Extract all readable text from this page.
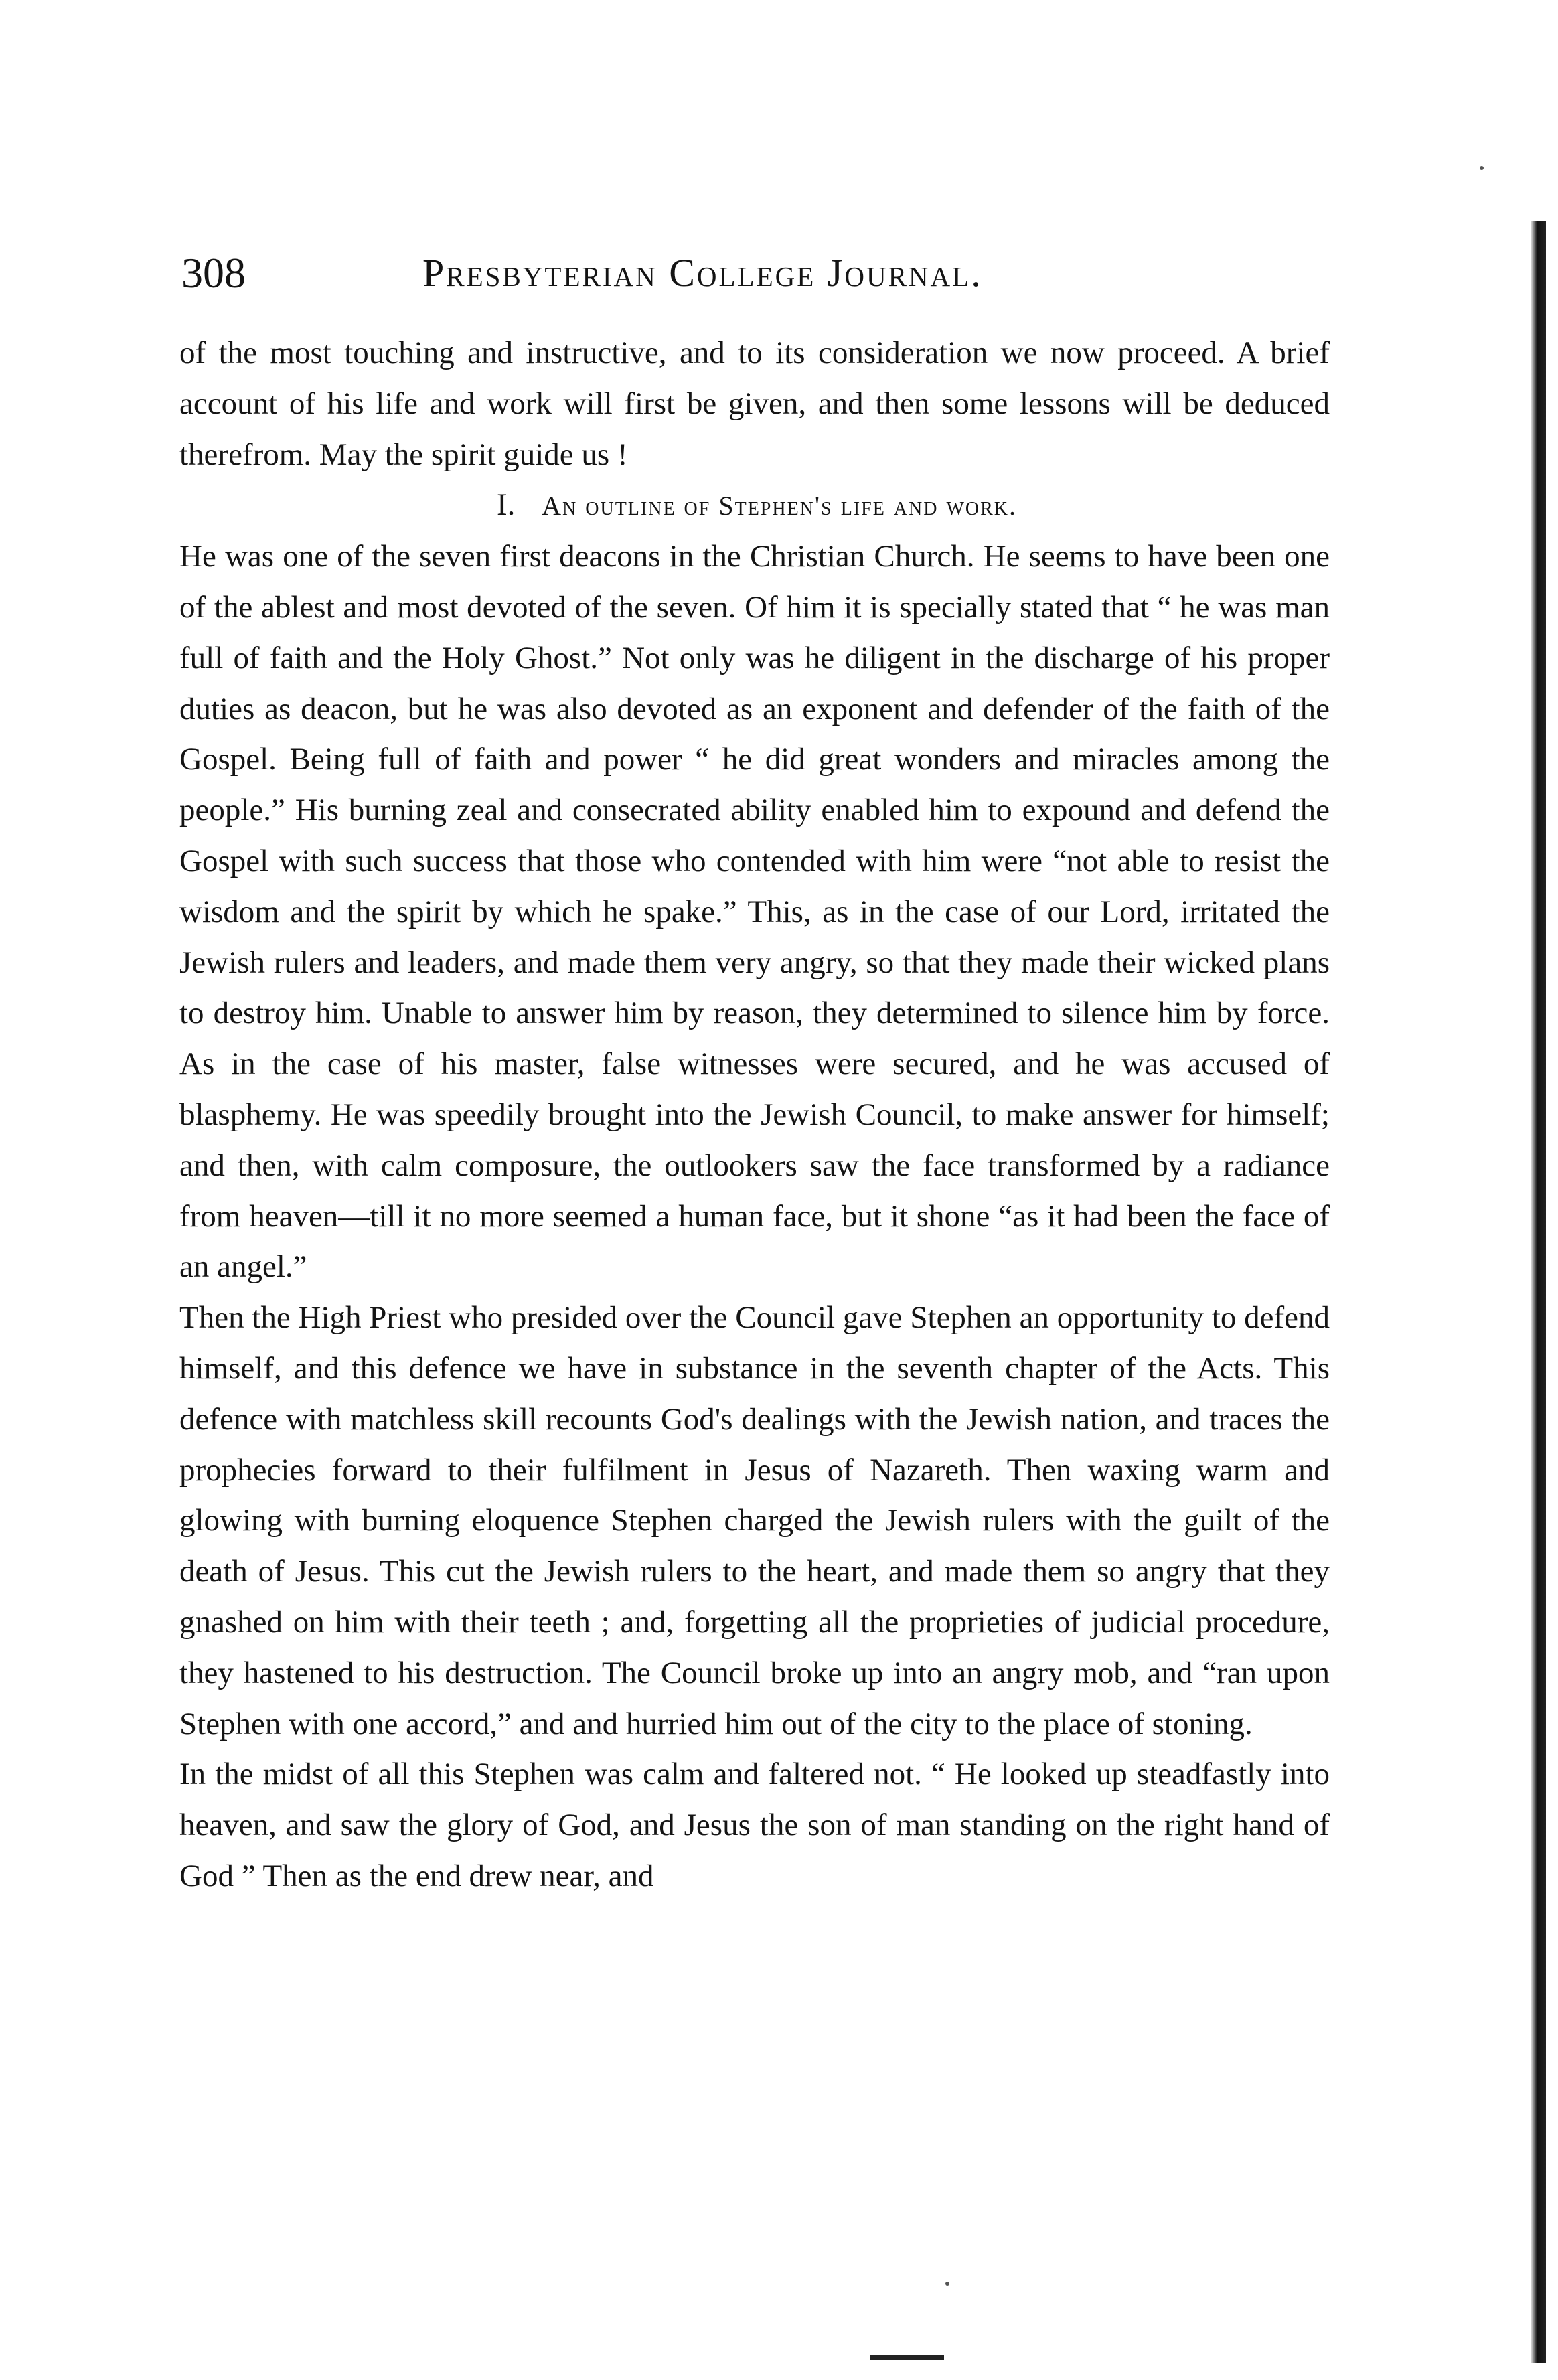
308	Presbyterian College Journal.

of the most touching and instructive, and to its consideration we now proceed. A brief account of his life and work will first be given, and then some lessons will be deduced therefrom. May the spirit guide us !

I. An outline of Stephen's life and work.

He was one of the seven first deacons in the Christian Church. He seems to have been one of the ablest and most devoted of the seven. Of him it is specially stated that “ he was man full of faith and the Holy Ghost.” Not only was he diligent in the discharge of his proper duties as deacon, but he was also devoted as an exponent and defender of the faith of the Gospel. Being full of faith and power “ he did great wonders and miracles among the people.” His burning zeal and consecrated ability enabled him to expound and defend the Gospel with such success that those who contended with him were “not able to resist the wisdom and the spirit by which he spake.” This, as in the case of our Lord, irritated the Jewish rulers and leaders, and made them very angry, so that they made their wicked plans to destroy him. Unable to answer him by reason, they determined to silence him by force. As in the case of his master, false witnesses were secured, and he was accused of blasphemy. He was speedily brought into the Jewish Council, to make answer for himself; and then, with calm composure, the outlookers saw the face transformed by a radiance from heaven—till it no more seemed a human face, but it shone “as it had been the face of an angel.”

Then the High Priest who presided over the Council gave Stephen an opportunity to defend himself, and this defence we have in substance in the seventh chapter of the Acts. This defence with matchless skill recounts God's dealings with the Jewish nation, and traces the prophecies forward to their fulfilment in Jesus of Nazareth. Then waxing warm and glowing with burning eloquence Stephen charged the Jewish rulers with the guilt of the death of Jesus. This cut the Jewish rulers to the heart, and made them so angry that they gnashed on him with their teeth ; and, forgetting all the proprieties of judicial procedure, they hastened to his destruction. The Council broke up into an angry mob, and “ran upon Stephen with one accord,” and and hurried him out of the city to the place of stoning.

In the midst of all this Stephen was calm and faltered not. “ He looked up steadfastly into heaven, and saw the glory of God, and Jesus the son of man standing on the right hand of God ” Then as the end drew near, and
